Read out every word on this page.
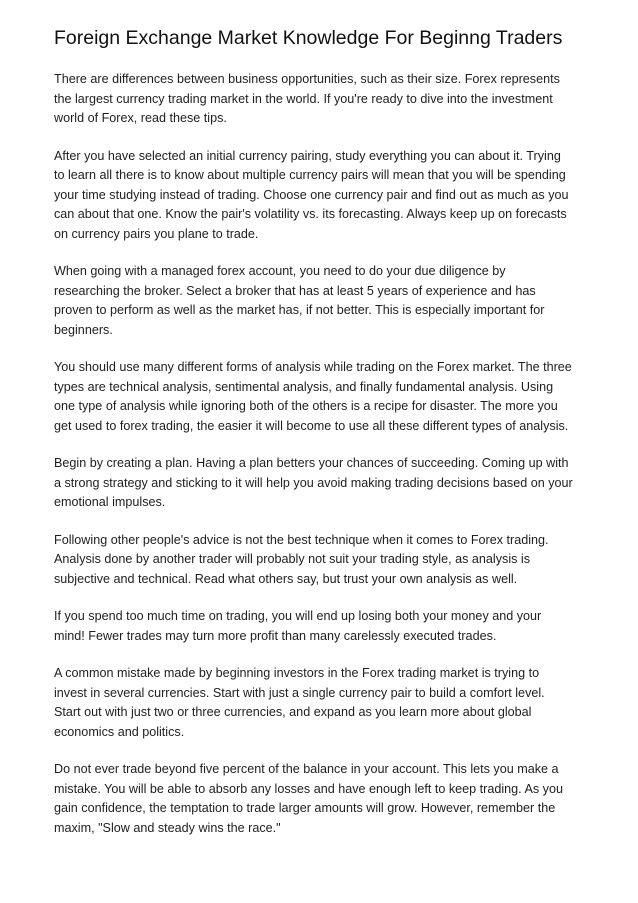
Foreign Exchange Market Knowledge For Beginng Traders

There are differences between business opportunities, such as their size. Forex represents
the largest currency trading market in the world. If you're ready to dive into the investment
world of Forex, read these tips.

After you have selected an initial currency pairing, study everything you can about it. Trying
to learn all there is to know about multiple currency pairs will mean that you will be spending
your time studying instead of trading. Choose one currency pair and find out as much as you
can about that one. Know the pair's volatility vs. its forecasting. Always keep up on forecasts
on currency pairs you plane to trade.

When going with a managed forex account, you need to do your due diligence by
researching the broker. Select a broker that has at least 5 years of experience and has
proven to perform as well as the market has, if not better. This is especially important for
beginners.

You should use many different forms of analysis while trading on the Forex market. The three
types are technical analysis, sentimental analysis, and finally fundamental analysis. Using
one type of analysis while ignoring both of the others is a recipe for disaster. The more you
get used to forex trading, the easier it will become to use all these different types of analysis.

Begin by creating a plan. Having a plan betters your chances of succeeding. Coming up with
a strong strategy and sticking to it will help you avoid making trading decisions based on your
emotional impulses.

Following other people's advice is not the best technique when it comes to Forex trading.
Analysis done by another trader will probably not suit your trading style, as analysis is
subjective and technical. Read what others say, but trust your own analysis as well.

If you spend too much time on trading, you will end up losing both your money and your
mind! Fewer trades may turn more profit than many carelessly executed trades.

A common mistake made by beginning investors in the Forex trading market is trying to
invest in several currencies. Start with just a single currency pair to build a comfort level.
Start out with just two or three currencies, and expand as you learn more about global
economics and politics.

Do not ever trade beyond five percent of the balance in your account. This lets you make a
mistake. You will be able to absorb any losses and have enough left to keep trading. As you
gain confidence, the temptation to trade larger amounts will grow. However, remember the
maxim, "Slow and steady wins the race."
